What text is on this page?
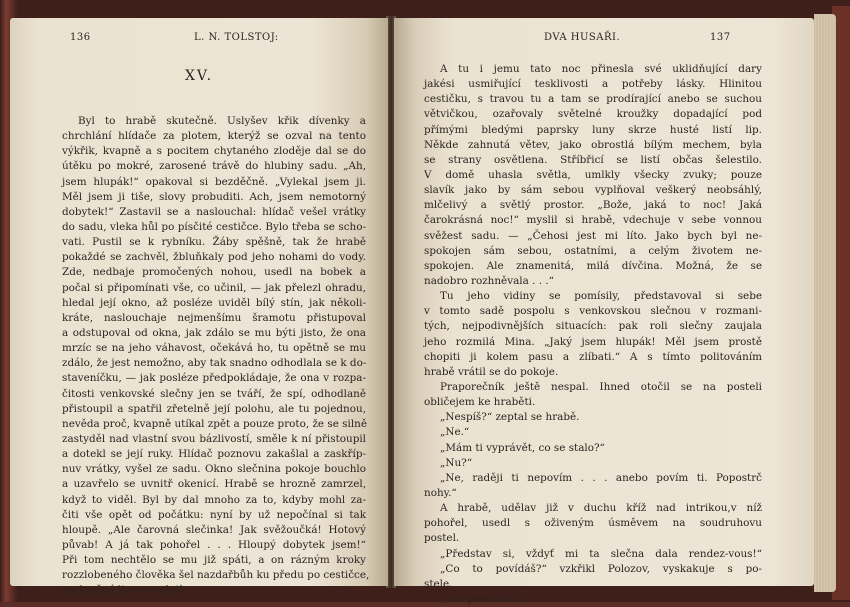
136	L. N. TOLSTOJ:
XV.
Byl to hrabě skutečně. Uslyšev křik dívenky a
chrchlání hlídače za plotem, kterýž se ozval na tento
výkřik, kvapně a s pocitem chytaného zloděje dal se do
útěku po mokré, zarosené trávě do hlubiny sadu. „Ah,
jsem hlupák!“ opakoval si bezděčně. „Vylekal jsem ji.
Měl jsem ji tiše, slovy probuditi. Ach, jsem nemotorný
dobytek!“ Zastavil se a naslouchal: hlídač vešel vrátky
do sadu, vleka hůl po písčité cestičce. Bylo třeba se scho-
vati. Pustil se k rybníku. Žáby spěšně, tak že hrabě
pokaždé se zachvěl, žbluňkaly pod jeho nohami do vody.
Zde, nedbaje promočených nohou, usedl na bobek a
počal si připomínati vše, co učinil, — jak přelezl ohradu,
hledal její okno, až posléze uviděl bílý stín, jak několi-
kráte, naslouchaje nejmenšímu šramotu přistupoval
a odstupoval od okna, jak zdálo se mu býti jisto, že ona
mrzíc se na jeho váhavost, očekává ho, tu opětně se mu
zdálo, že jest nemožno, aby tak snadno odhodlala se k do-
staveníčku, — jak posléze předpokládaje, že ona v rozpa-
čitosti venkovské slečny jen se tváří, že spí, odhodlaně
přistoupil a spatřil zřetelně její polohu, ale tu pojednou,
nevěda proč, kvapně utíkal zpět a pouze proto, že se silně
zastyděl nad vlastní svou bázlivostí, směle k ní přistoupil
a dotekl se její ruky. Hlídač poznovu zakašlal a zaskříp-
nuv vrátky, vyšel ze sadu. Okno slečnina pokoje bouchlo
a uzavřelo se uvnitř okenicí. Hrabě se hrozně zamrzel,
když to viděl. Byl by dal mnoho za to, kdyby mohl za-
čiti vše opět od počátku: nyní by už nepočínal si tak
hloupě. „Ale čarovná slečinka! Jak svěžoučká! Hotový
půvab! A já tak pohořel . . . Hloupý dobytek jsem!“
Při tom nechtělo se mu již spáti, a on rázným kroky
rozzlobeného člověka šel nazdařbůh ku předu po cestičce,
zacloněné lipovou alejí.
DVA HUSAŘI.	137
A tu i jemu tato noc přinesla své uklidňující dary
jakési usmiřující tesklivosti a potřeby lásky. Hlinitou
cestičku, s travou tu a tam se prodírající anebo se suchou
větvičkou, ozařovaly světelné kroužky dopadající pod
přímými bledými paprsky luny skrze husté listí lip.
Někde zahnutá větev, jako obrostlá bílým mechem, byla
se strany osvětlena. Stříbřicí se listí občas šelestilo.
V domě uhasla světla, umlkly všecky zvuky; pouze
slavík jako by sám sebou vyplňoval veškerý neobsáhlý,
mlčelivý a světlý prostor. „Bože, jaká to noc! Jaká
čarokrásná noc!“ myslil si hrabě, vdechuje v sebe vonnou
svěžest sadu. — „Čehosi jest mi líto. Jako bych byl ne-
spokojen sám sebou, ostatními, a celým životem ne-
spokojen. Ale znamenitá, milá dívčina. Možná, že se
nadobro rozhněvala . . .“
Tu jeho vidiny se pomísily, představoval si sebe
v tomto sadě pospolu s venkovskou slečnou v rozmani-
tých, nejpodivnějších situacích: pak roli slečny zaujala
jeho rozmilá Mina. „Jaký jsem hlupák! Měl jsem prostě
chopiti ji kolem pasu a zlíbati.“ A s tímto politováním
hrabě vrátil se do pokoje.
Praporečník ještě nespal. Ihned otočil se na posteli
obličejem ke hraběti.
„Nespíš?“ zeptal se hrabě.
„Ne.“
„Mám ti vyprávět, co se stalo?“
„Nu?“
„Ne, raději ti nepovím . . . anebo povím ti. Popostrč
nohy.“
A hrabě, udělav již v duchu kříž nad intrikou,v níž
pohořel, usedl s oživeným úsměvem na soudruhovu
postel.
„Představ si, vždyť mi ta slečna dala rendez-vous!“
„Co to povídáš?“ vzkřikl Polozov, vyskakuje s po-
stele.
„Nu, poslechni.“
